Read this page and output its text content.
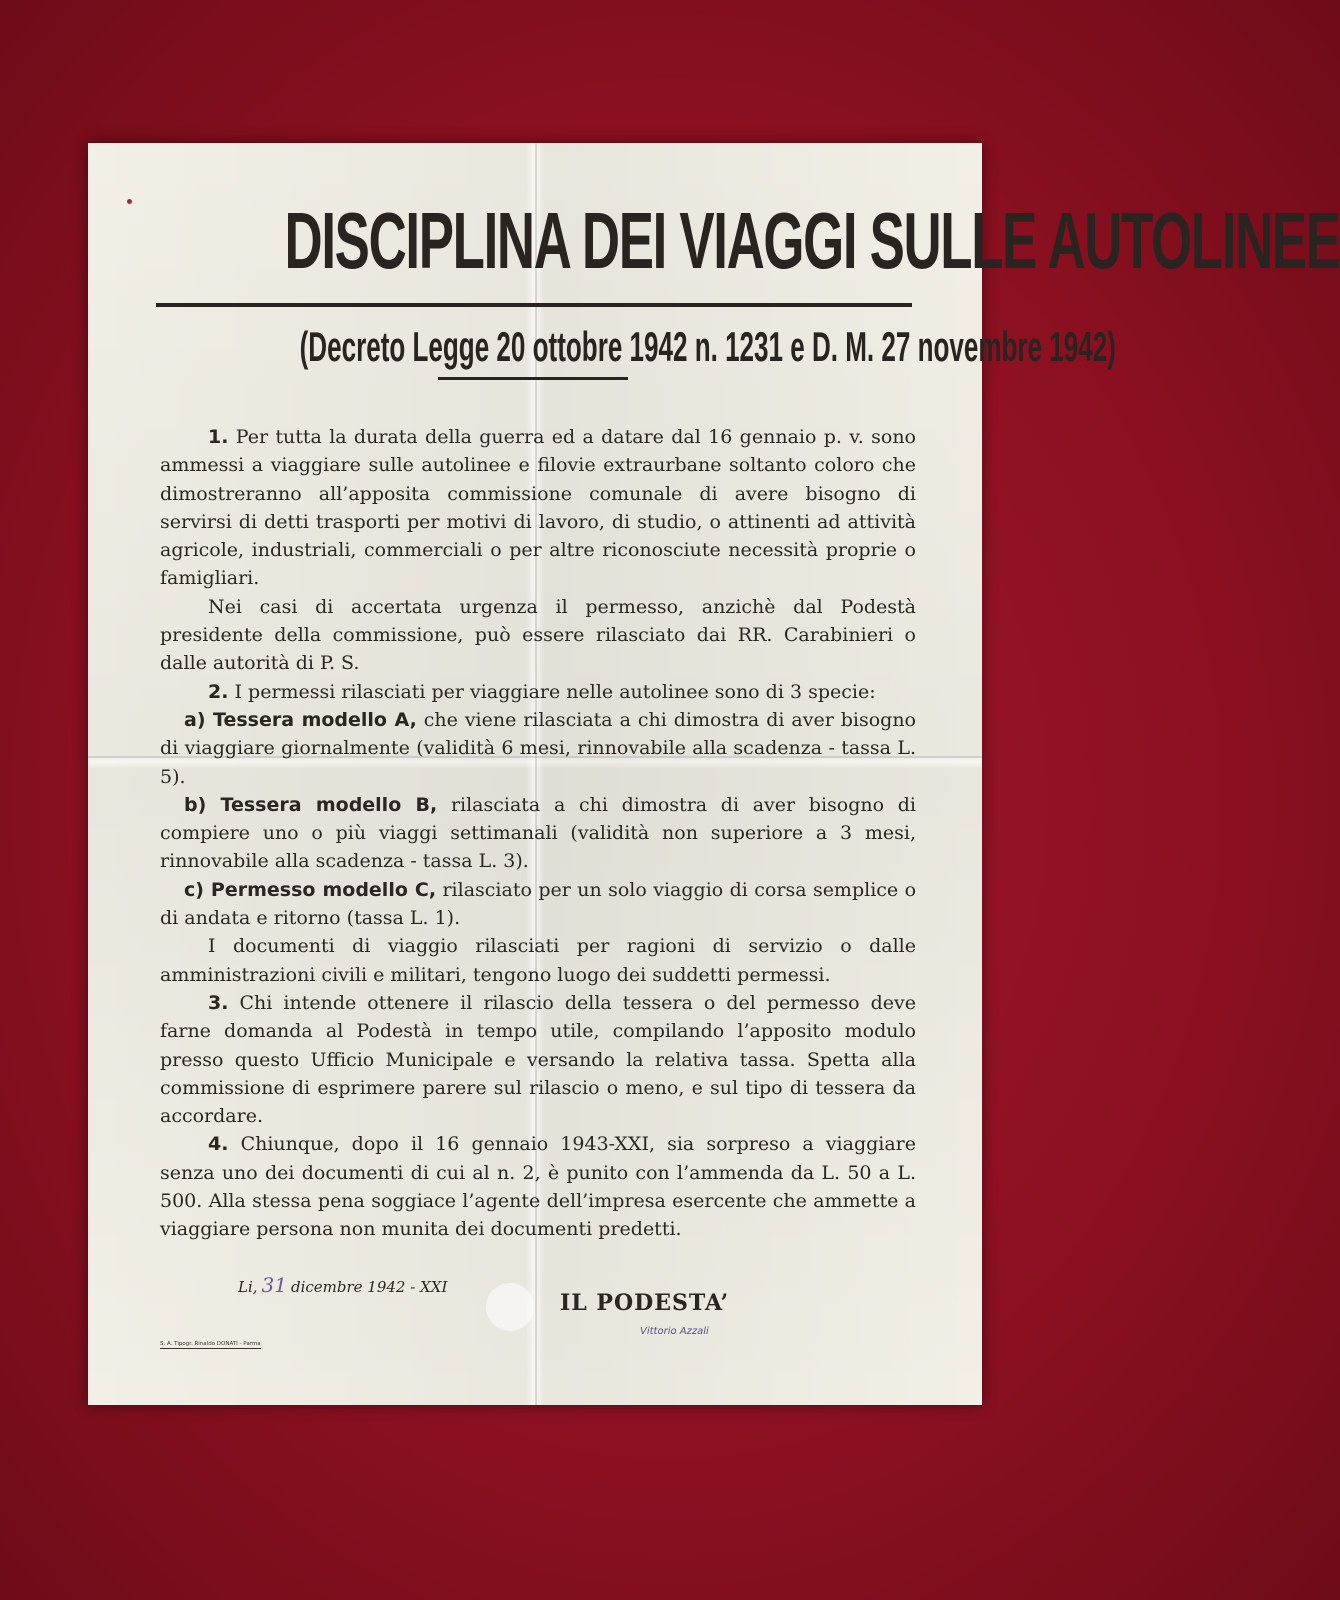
DISCIPLINA DEI VIAGGI SULLE AUTOLINEE
(Decreto Legge 20 ottobre 1942 n. 1231 e D. M. 27 novembre 1942)

1. Per tutta la durata della guerra ed a datare dal 16 gennaio p. v. sono ammessi a viaggiare sulle autolinee e filovie extraurbane soltanto coloro che dimostreranno all’apposita commissione comunale di avere bisogno di servirsi di detti trasporti per motivi di lavoro, di studio, o attinenti ad attività agricole, industriali, commerciali o per altre riconosciute necessità proprie o famigliari.

Nei casi di accertata urgenza il permesso, anzichè dal Podestà presidente della commissione, può essere rilasciato dai RR. Carabinieri o dalle autorità di P. S.

2. I permessi rilasciati per viaggiare nelle autolinee sono di 3 specie:

a) Tessera modello A, che viene rilasciata a chi dimostra di aver bisogno di viaggiare giornalmente (validità 6 mesi, rinnovabile alla scadenza - tassa L. 5).

b) Tessera modello B, rilasciata a chi dimostra di aver bisogno di compiere uno o più viaggi settimanali (validità non superiore a 3 mesi, rinnovabile alla scadenza - tassa L. 3).

c) Permesso modello C, rilasciato per un solo viaggio di corsa semplice o di andata e ritorno (tassa L. 1).

I documenti di viaggio rilasciati per ragioni di servizio o dalle amministrazioni civili e militari, tengono luogo dei suddetti permessi.

3. Chi intende ottenere il rilascio della tessera o del permesso deve farne domanda al Podestà in tempo utile, compilando l’apposito modulo presso questo Ufficio Municipale e versando la relativa tassa. Spetta alla commissione di esprimere parere sul rilascio o meno, e sul tipo di tessera da accordare.

4. Chiunque, dopo il 16 gennaio 1943-XXI, sia sorpreso a viaggiare senza uno dei documenti di cui al n. 2, è punito con l’ammenda da L. 50 a L. 500. Alla stessa pena soggiace l’agente dell’impresa esercente che ammette a viaggiare persona non munita dei documenti predetti.

Li, 31 dicembre 1942 - XXI
IL PODESTA’
Vittorio Azzali
S. A. Tipogr. Rinaldo DONATI - Parma
